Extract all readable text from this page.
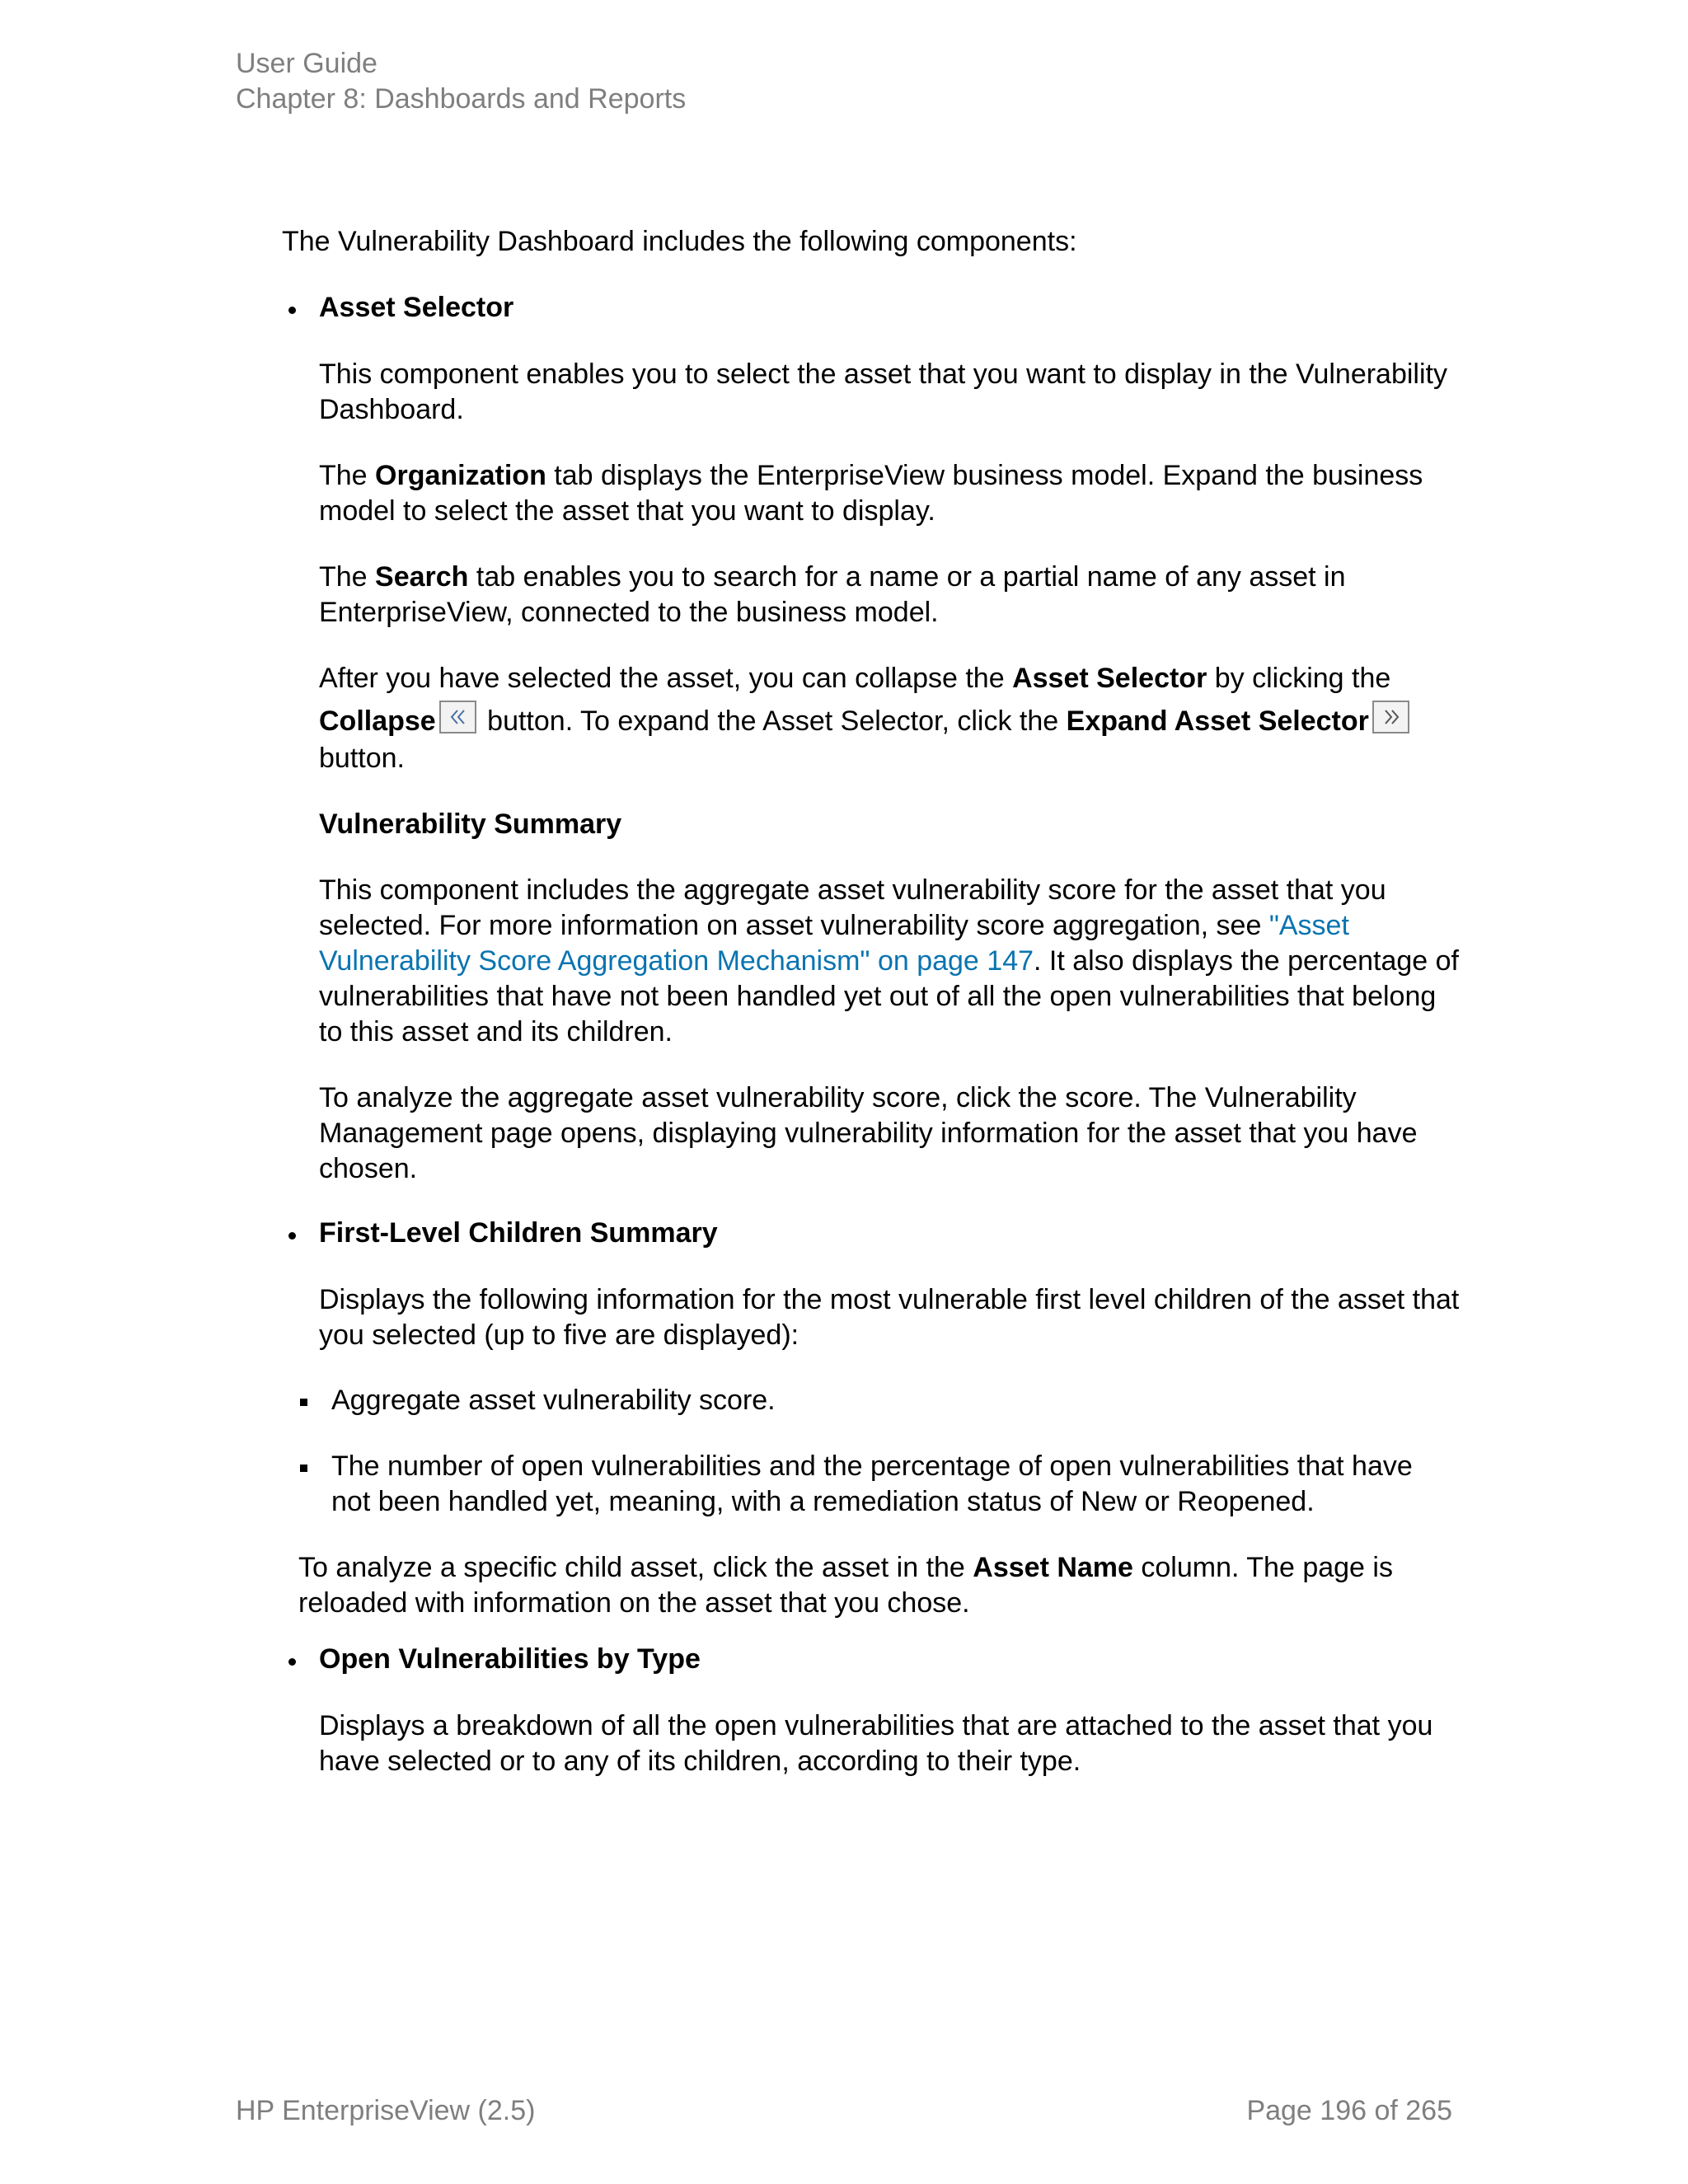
User Guide
Chapter 8: Dashboards and Reports

The Vulnerability Dashboard includes the following components:

Asset Selector

This component enables you to select the asset that you want to display in the Vulnerability Dashboard.

The Organization tab displays the EnterpriseView business model. Expand the business model to select the asset that you want to display.

The Search tab enables you to search for a name or a partial name of any asset in EnterpriseView, connected to the business model.

After you have selected the asset, you can collapse the Asset Selector by clicking the

Collapse
button. To expand the Asset Selector, click the Expand Asset Selector

button.

Vulnerability Summary

This component includes the aggregate asset vulnerability score for the asset that you selected. For more information on asset vulnerability score aggregation, see "Asset Vulnerability Score Aggregation Mechanism" on page 147. It also displays the percentage of vulnerabilities that have not been handled yet out of all the open vulnerabilities that belong to this asset and its children.

To analyze the aggregate asset vulnerability score, click the score. The Vulnerability Management page opens, displaying vulnerability information for the asset that you have chosen.

First-Level Children Summary

Displays the following information for the most vulnerable first level children of the asset that you selected (up to five are displayed):

Aggregate asset vulnerability score.

The number of open vulnerabilities and the percentage of open vulnerabilities that have not been handled yet, meaning, with a remediation status of New or Reopened.

To analyze a specific child asset, click the asset in the Asset Name column. The page is reloaded with information on the asset that you chose.

Open Vulnerabilities by Type

Displays a breakdown of all the open vulnerabilities that are attached to the asset that you have selected or to any of its children, according to their type.

HP EnterpriseView (2.5)	Page 196 of 265
